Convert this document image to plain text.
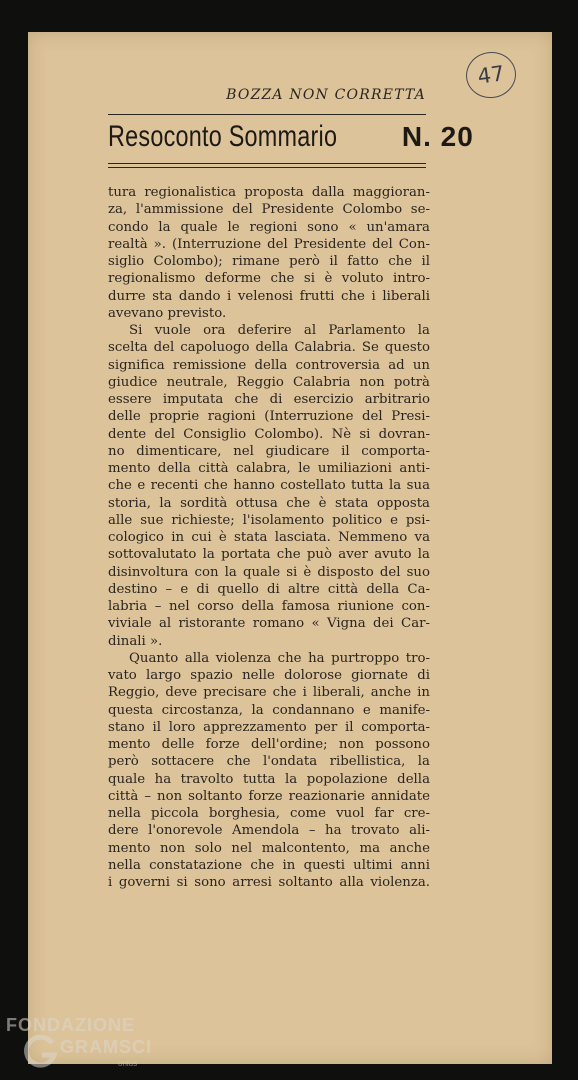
47
BOZZA NON CORRETTA
Resoconto Sommario N. 20
tura regionalistica proposta dalla maggioran-
za, l'ammissione del Presidente Colombo se-
condo la quale le regioni sono « un'amara
realtà ». (Interruzione del Presidente del Con-
siglio Colombo); rimane però il fatto che il
regionalismo deforme che si è voluto intro-
durre sta dando i velenosi frutti che i liberali
avevano previsto.
Si vuole ora deferire al Parlamento la
scelta del capoluogo della Calabria. Se questo
significa remissione della controversia ad un
giudice neutrale, Reggio Calabria non potrà
essere imputata che di esercizio arbitrario
delle proprie ragioni (Interruzione del Presi-
dente del Consiglio Colombo). Nè si dovran-
no dimenticare, nel giudicare il comporta-
mento della città calabra, le umiliazioni anti-
che e recenti che hanno costellato tutta la sua
storia, la sordità ottusa che è stata opposta
alle sue richieste; l'isolamento politico e psi-
cologico in cui è stata lasciata. Nemmeno va
sottovalutato la portata che può aver avuto la
disinvoltura con la quale si è disposto del suo
destino – e di quello di altre città della Ca-
labria – nel corso della famosa riunione con-
viviale al ristorante romano « Vigna dei Car-
dinali ».
Quanto alla violenza che ha purtroppo tro-
vato largo spazio nelle dolorose giornate di
Reggio, deve precisare che i liberali, anche in
questa circostanza, la condannano e manife-
stano il loro apprezzamento per il comporta-
mento delle forze dell'ordine; non possono
però sottacere che l'ondata ribellistica, la
quale ha travolto tutta la popolazione della
città – non soltanto forze reazionarie annidate
nella piccola borghesia, come vuol far cre-
dere l'onorevole Amendola – ha trovato ali-
mento non solo nel malcontento, ma anche
nella constatazione che in questi ultimi anni
i governi si sono arresi soltanto alla violenza.
FONDAZIONE
GRAMSCI
onlus
